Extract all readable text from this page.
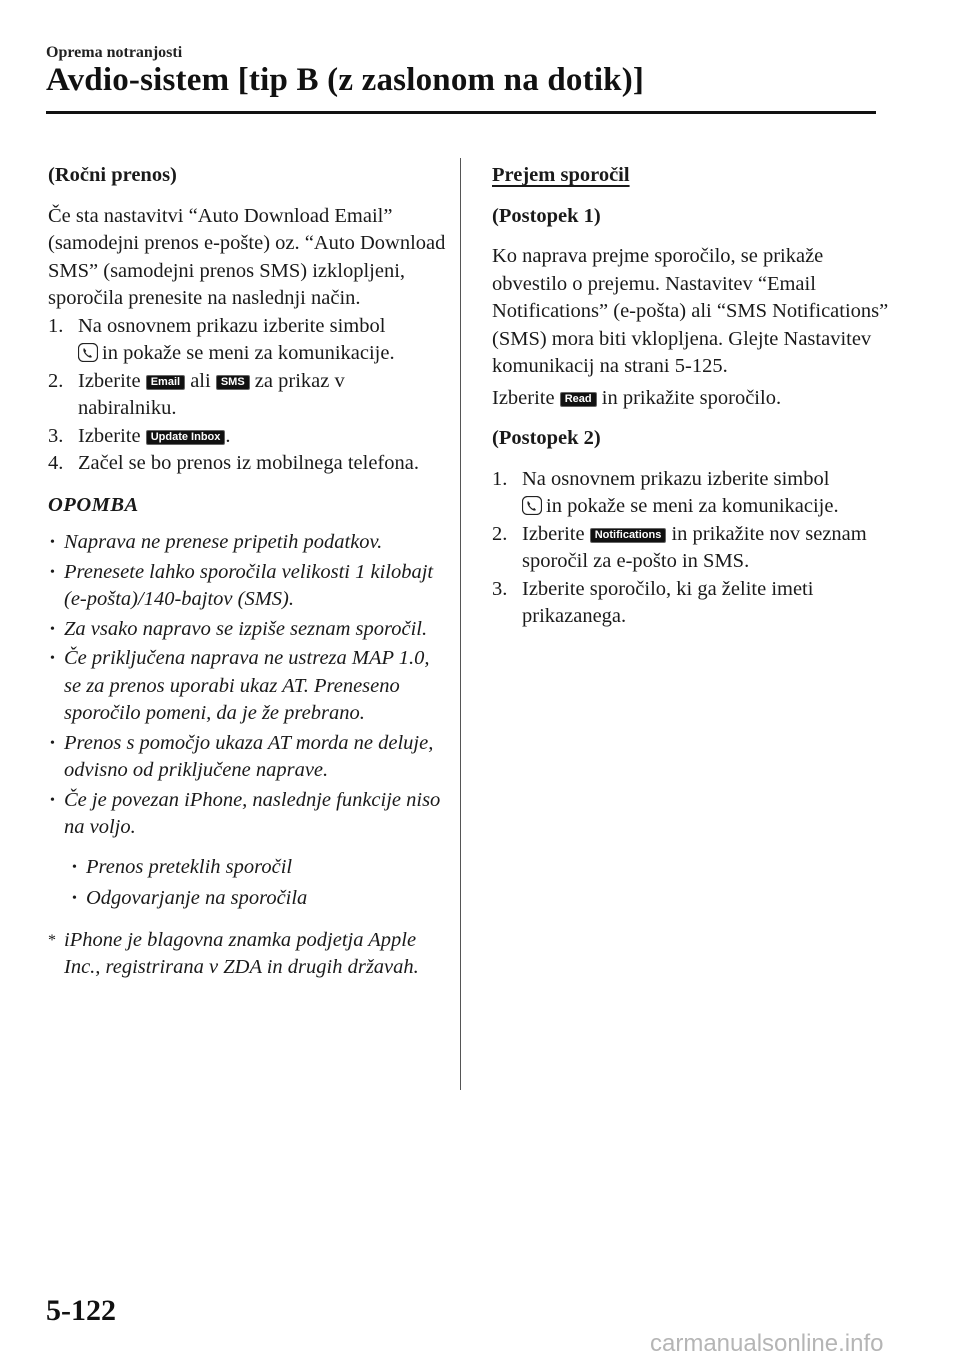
Oprema notranjosti
Avdio-sistem [tip B (z zaslonom na dotik)]

(Ročni prenos)

Če sta nastavitvi “Auto Download Email” (samodejni prenos e-pošte) oz. “Auto Download SMS” (samodejni prenos SMS) izklopljeni, sporočila prenesite na naslednji način.

1. Na osnovnem prikazu izberite simbol
in pokaže se meni za komunikacije.
2. Izberite Email ali SMS za prikaz v nabiralniku.
3. Izberite Update Inbox .
4. Začel se bo prenos iz mobilnega telefona.

OPOMBA

• Naprava ne prenese pripetih podatkov.
• Prenesete lahko sporočila velikosti 1 kilobajt (e-pošta)/140-bajtov (SMS).
• Za vsako napravo se izpiše seznam sporočil.
• Če priključena naprava ne ustreza MAP 1.0, se za prenos uporabi ukaz AT. Preneseno sporočilo pomeni, da je že prebrano.
• Prenos s pomočjo ukaza AT morda ne deluje, odvisno od priključene naprave.
• Če je povezan iPhone, naslednje funkcije niso na voljo.
• Prenos preteklih sporočil
• Odgovarjanje na sporočila
* iPhone je blagovna znamka podjetja Apple Inc., registrirana v ZDA in drugih državah.

Prejem sporočil

(Postopek 1)

Ko naprava prejme sporočilo, se prikaže obvestilo o prejemu. Nastavitev “Email Notifications” (e-pošta) ali “SMS Notifications” (SMS) mora biti vklopljena. Glejte Nastavitev komunikacij na strani 5-125.

Izberite Read in prikažite sporočilo.

(Postopek 2)

1. Na osnovnem prikazu izberite simbol
in pokaže se meni za komunikacije.
2. Izberite Notifications in prikažite nov seznam sporočil za e-pošto in SMS.
3. Izberite sporočilo, ki ga želite imeti prikazanega.
5-122
carmanualsonline.info
